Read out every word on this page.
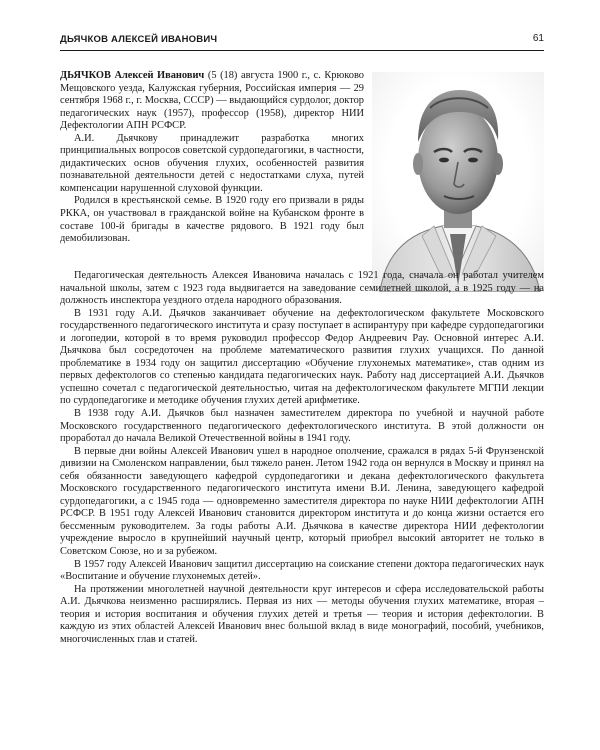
ДЬЯЧКОВ АЛЕКСЕЙ ИВАНОВИЧ	61

ДЬЯЧКОВ Алексей Иванович (5 (18) августа 1900 г., с. Крюково Мещовского уезда, Калужская губерния, Российская империя — 29 сентября 1968 г., г. Москва, СССР) — выдающийся сурдолог, доктор педагогических наук (1957), профессор (1958), директор НИИ Дефектологии АПН РСФСР.

А.И. Дьячкову принадлежит разработка многих принципиальных вопросов советской сурдопедагогики, в частности, дидактических основ обучения глухих, особенностей развития познавательной деятельности детей с недостатками слуха, путей компенсации нарушенной слуховой функции.

Родился в крестьянской семье. В 1920 году его призвали в ряды РККА, он участвовал в гражданской войне на Кубанском фронте в составе 100-й бригады в качестве рядового. В 1921 году был демобилизован.

Педагогическая деятельность Алексея Ивановича началась с 1921 года, сначала он работал учителем начальной школы, затем с 1923 года выдвигается на заведование семилетней школой, а в 1925 году — на должность инспектора уездного отдела народного образования.

В 1931 году А.И. Дьячков заканчивает обучение на дефектологическом факультете Московского государственного педагогического института и сразу поступает в аспирантуру при кафедре сурдопедагогики и логопедии, которой в то время руководил профессор Федор Андреевич Рау. Основной интерес А.И. Дьячкова был сосредоточен на проблеме математического развития глухих учащихся. По данной проблематике в 1934 году он защитил диссертацию «Обучение глухонемых математике», став одним из первых дефектологов со степенью кандидата педагогических наук. Работу над диссертацией А.И. Дьячков успешно сочетал с педагогической деятельностью, читая на дефектологическом факультете МГПИ лекции по сурдопедагогике и методике обучения глухих детей арифметике.

В 1938 году А.И. Дьячков был назначен заместителем директора по учебной и научной работе Московского государственного педагогического дефектологического института. В этой должности он проработал до начала Великой Отечественной войны в 1941 году.

В первые дни войны Алексей Иванович ушел в народное ополчение, сражался в рядах 5-й Фрунзенской дивизии на Смоленском направлении, был тяжело ранен. Летом 1942 года он вернулся в Москву и принял на себя обязанности заведующего кафедрой сурдопедагогики и декана дефектологического факультета Московского государственного педагогического института имени В.И. Ленина, заведующего кафедрой сурдопедагогики, а с 1945 года — одновременно заместителя директора по науке НИИ дефектологии АПН РСФСР. В 1951 году Алексей Иванович становится директором института и до конца жизни остается его бессменным руководителем. За годы работы А.И. Дьячкова в качестве директора НИИ дефектологии учреждение выросло в крупнейший научный центр, который приобрел высокий авторитет не только в Советском Союзе, но и за рубежом.

В 1957 году Алексей Иванович защитил диссертацию на соискание степени доктора педагогических наук «Воспитание и обучение глухонемых детей».

На протяжении многолетней научной деятельности круг интересов и сфера исследовательской работы А.И. Дьячкова неизменно расширялись. Первая из них — методы обучения глухих математике, вторая – теория и история воспитания и обучения глухих детей и третья — теория и история дефектологии. В каждую из этих областей Алексей Иванович внес большой вклад в виде монографий, пособий, учебников, многочисленных глав и статей.
